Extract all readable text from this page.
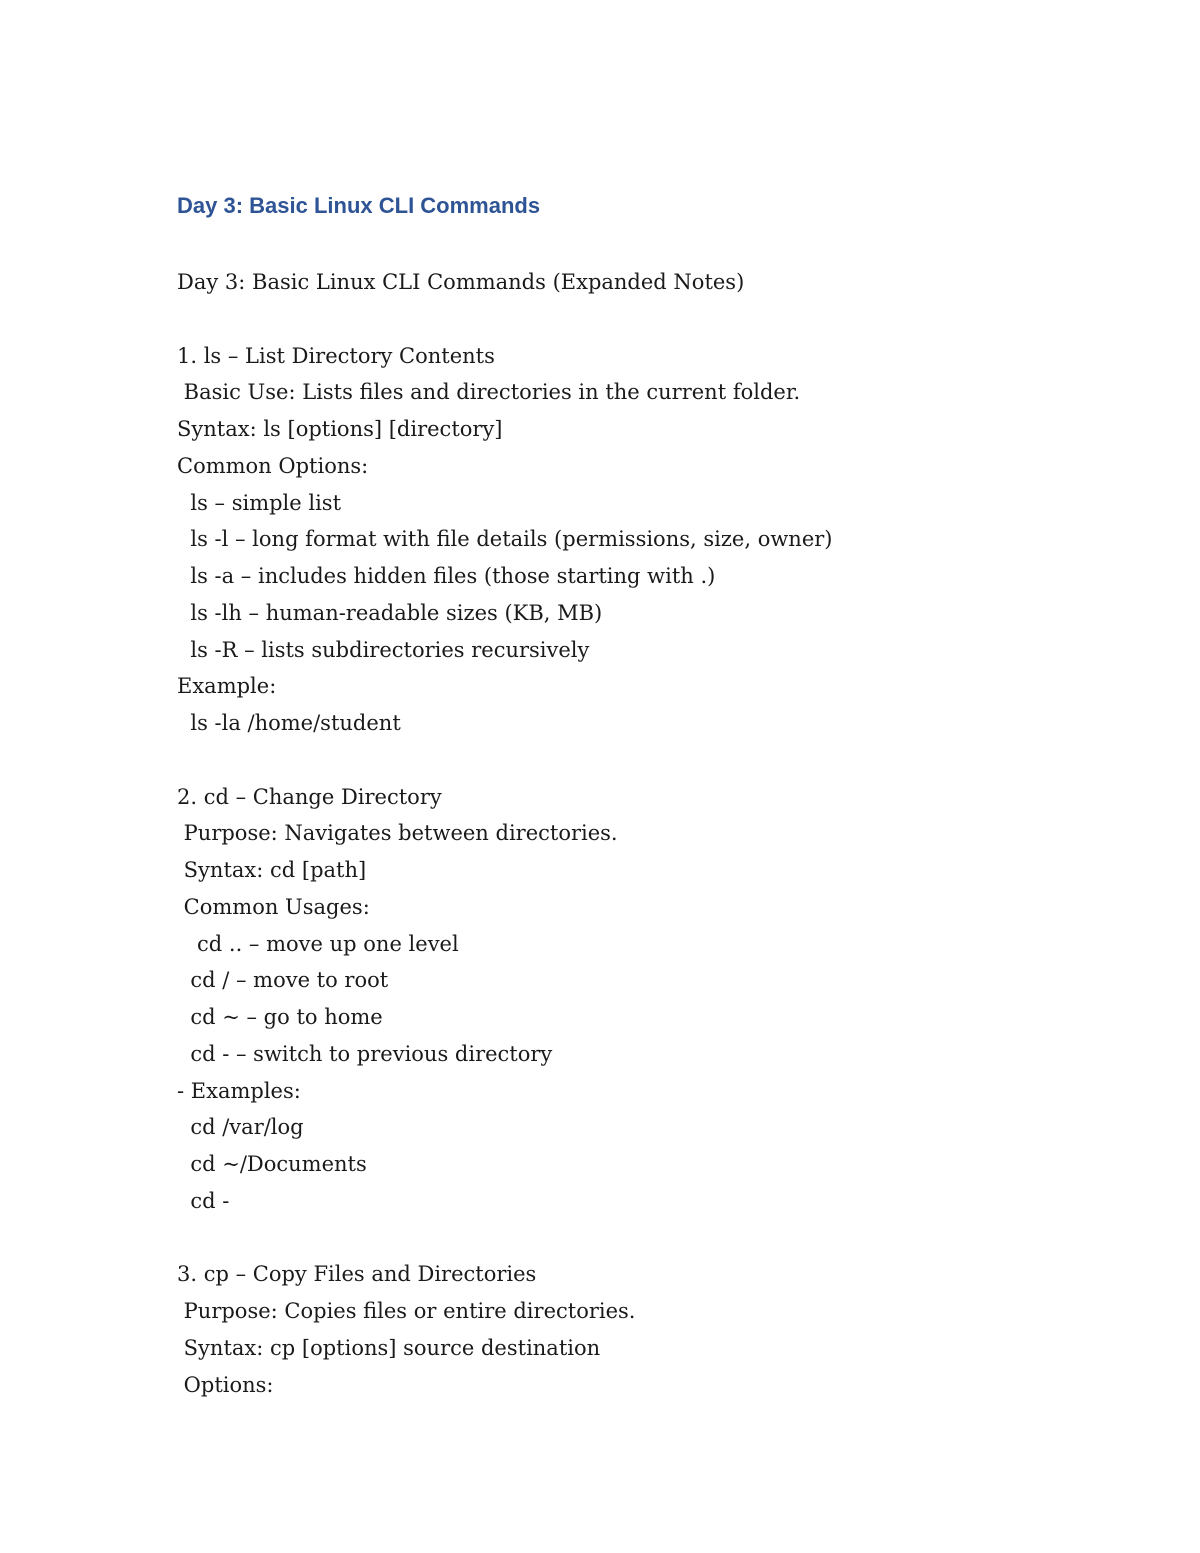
Day 3: Basic Linux CLI Commands
Day 3: Basic Linux CLI Commands (Expanded Notes)
1. ls – List Directory Contents
Basic Use: Lists files and directories in the current folder.
Syntax: ls [options] [directory]
Common Options:
ls – simple list
ls -l – long format with file details (permissions, size, owner)
ls -a – includes hidden files (those starting with .)
ls -lh – human-readable sizes (KB, MB)
ls -R – lists subdirectories recursively
Example:
ls -la /home/student
2. cd – Change Directory
Purpose: Navigates between directories.
Syntax: cd [path]
Common Usages:
cd .. – move up one level
cd / – move to root
cd ~ – go to home
cd - – switch to previous directory
- Examples:
cd /var/log
cd ~/Documents
cd -
3. cp – Copy Files and Directories
Purpose: Copies files or entire directories.
Syntax: cp [options] source destination
Options:
